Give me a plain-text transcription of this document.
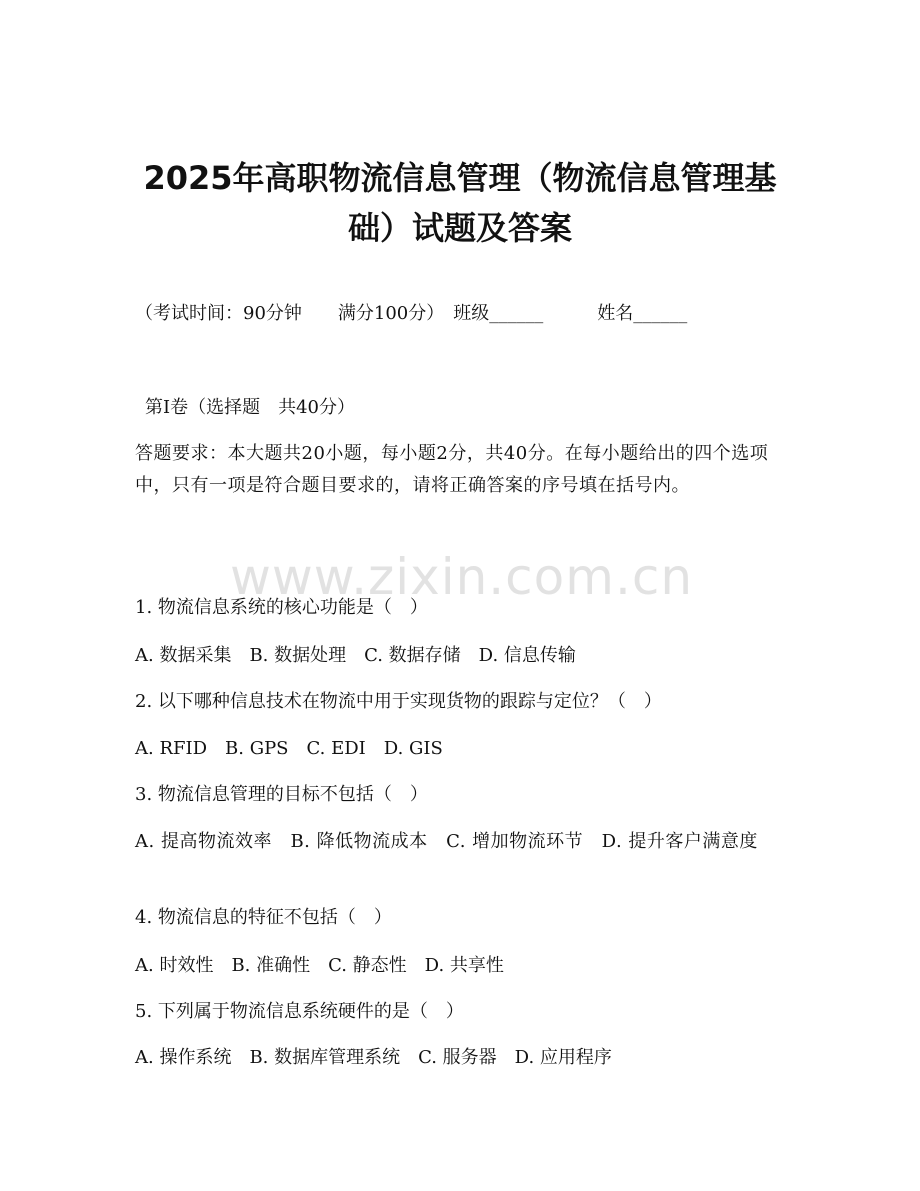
2025年高职物流信息管理（物流信息管理基
础）试题及答案
（考试时间：90分钟　　满分100分）　班级______　　　姓名______
第Ⅰ卷（选择题　共40分）
答题要求：本大题共20小题，每小题2分，共40分。在每小题给出的四个选项中，只有一项是符合题目要求的，请将正确答案的序号填在括号内。
www.zixin.com.cn
1. 物流信息系统的核心功能是（　）
A. 数据采集　B. 数据处理　C. 数据存储　D. 信息传输
2. 以下哪种信息技术在物流中用于实现货物的跟踪与定位？（　）
A. RFID　B. GPS　C. EDI　D. GIS
3. 物流信息管理的目标不包括（　）
A. 提高物流效率　B. 降低物流成本　C. 增加物流环节　D. 提升客户满意度
4. 物流信息的特征不包括（　）
A. 时效性　B. 准确性　C. 静态性　D. 共享性
5. 下列属于物流信息系统硬件的是（　）
A. 操作系统　B. 数据库管理系统　C. 服务器　D. 应用程序
